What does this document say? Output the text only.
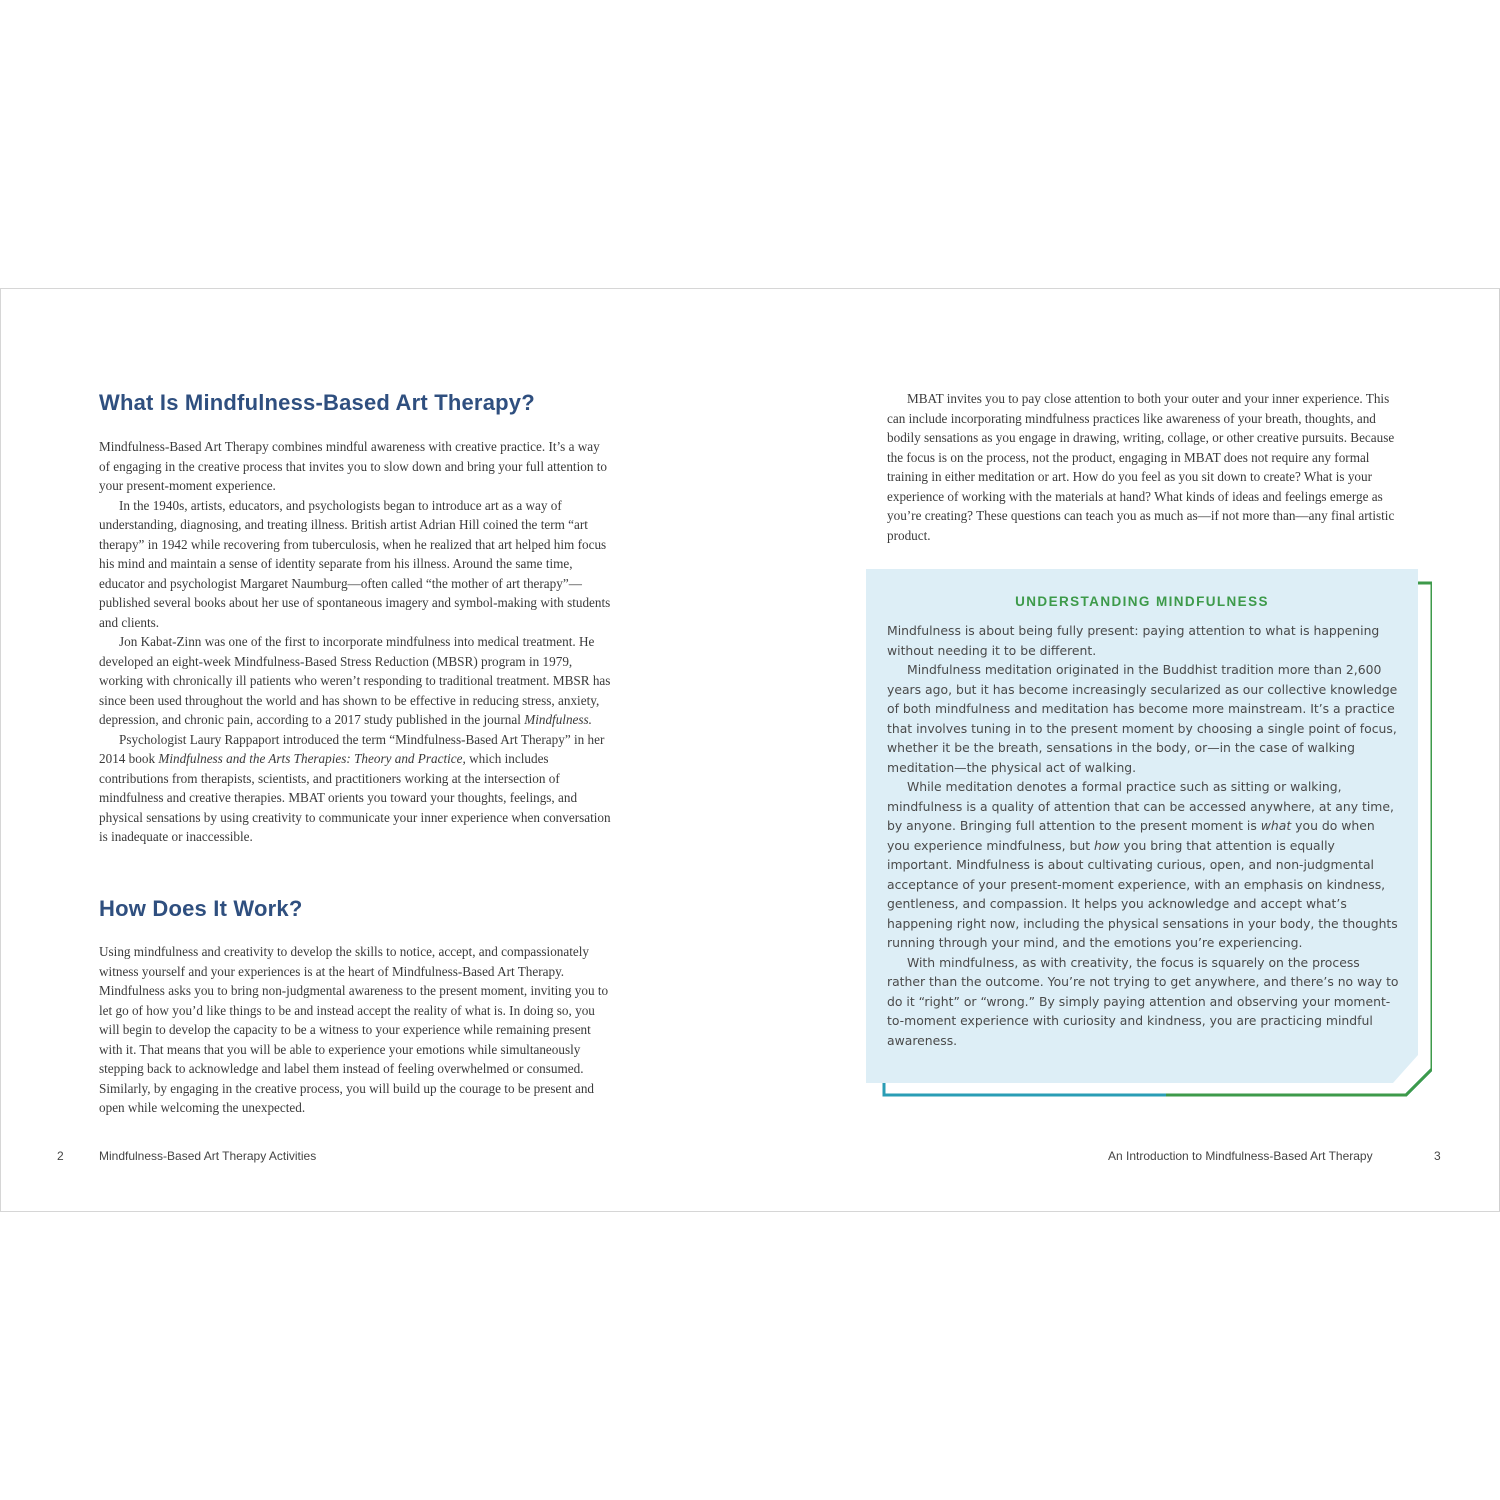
What Is Mindfulness-Based Art Therapy?

Mindfulness-Based Art Therapy combines mindful awareness with creative practice. It’s a way of engaging in the creative process that invites you to slow down and bring your full attention to your present-moment experience.

In the 1940s, artists, educators, and psychologists began to introduce art as a way of understanding, diagnosing, and treating illness. British artist Adrian Hill coined the term “art therapy” in 1942 while recovering from tuberculosis, when he realized that art helped him focus his mind and maintain a sense of identity separate from his illness. Around the same time, educator and psychologist Margaret Naumburg—often called “the mother of art therapy”—published several books about her use of spontaneous imagery and symbol-making with students and clients.

Jon Kabat-Zinn was one of the first to incorporate mindfulness into medical treatment. He developed an eight-week Mindfulness-Based Stress Reduction (MBSR) program in 1979, working with chronically ill patients who weren’t responding to traditional treatment. MBSR has since been used throughout the world and has shown to be effective in reducing stress, anxiety, depression, and chronic pain, according to a 2017 study published in the journal Mindfulness.

Psychologist Laury Rappaport introduced the term “Mindfulness-Based Art Therapy” in her 2014 book Mindfulness and the Arts Therapies: Theory and Practice, which includes contributions from therapists, scientists, and practitioners working at the intersection of mindfulness and creative therapies. MBAT orients you toward your thoughts, feelings, and physical sensations by using creativity to communicate your inner experience when conversation is inadequate or inaccessible.

How Does It Work?

Using mindfulness and creativity to develop the skills to notice, accept, and compassionately witness yourself and your experiences is at the heart of Mindfulness-Based Art Therapy. Mindfulness asks you to bring non-judgmental awareness to the present moment, inviting you to let go of how you’d like things to be and instead accept the reality of what is. In doing so, you will begin to develop the capacity to be a witness to your experience while remaining present with it. That means that you will be able to experience your emotions while simultaneously stepping back to acknowledge and label them instead of feeling overwhelmed or consumed. Similarly, by engaging in the creative process, you will build up the courage to be present and open while welcoming the unexpected.

2	Mindfulness-Based Art Therapy Activities

MBAT invites you to pay close attention to both your outer and your inner experience. This can include incorporating mindfulness practices like awareness of your breath, thoughts, and bodily sensations as you engage in drawing, writing, collage, or other creative pursuits. Because the focus is on the process, not the product, engaging in MBAT does not require any formal training in either meditation or art. How do you feel as you sit down to create? What is your experience of working with the materials at hand? What kinds of ideas and feelings emerge as you’re creating? These questions can teach you as much as—if not more than—any final artistic product.

UNDERSTANDING MINDFULNESS

Mindfulness is about being fully present: paying attention to what is happening without needing it to be different.

Mindfulness meditation originated in the Buddhist tradition more than 2,600 years ago, but it has become increasingly secularized as our collective knowledge of both mindfulness and meditation has become more mainstream. It’s a practice that involves tuning in to the present moment by choosing a single point of focus, whether it be the breath, sensations in the body, or—in the case of walking meditation—the physical act of walking.

While meditation denotes a formal practice such as sitting or walking, mindfulness is a quality of attention that can be accessed anywhere, at any time, by anyone. Bringing full attention to the present moment is what you do when you experience mindfulness, but how you bring that attention is equally important. Mindfulness is about cultivating curious, open, and non-judgmental acceptance of your present-moment experience, with an emphasis on kindness, gentleness, and compassion. It helps you acknowledge and accept what’s happening right now, including the physical sensations in your body, the thoughts running through your mind, and the emotions you’re experiencing.

With mindfulness, as with creativity, the focus is squarely on the process rather than the outcome. You’re not trying to get anywhere, and there’s no way to do it “right” or “wrong.” By simply paying attention and observing your moment-to-moment experience with curiosity and kindness, you are practicing mindful awareness.

An Introduction to Mindfulness-Based Art Therapy	3
